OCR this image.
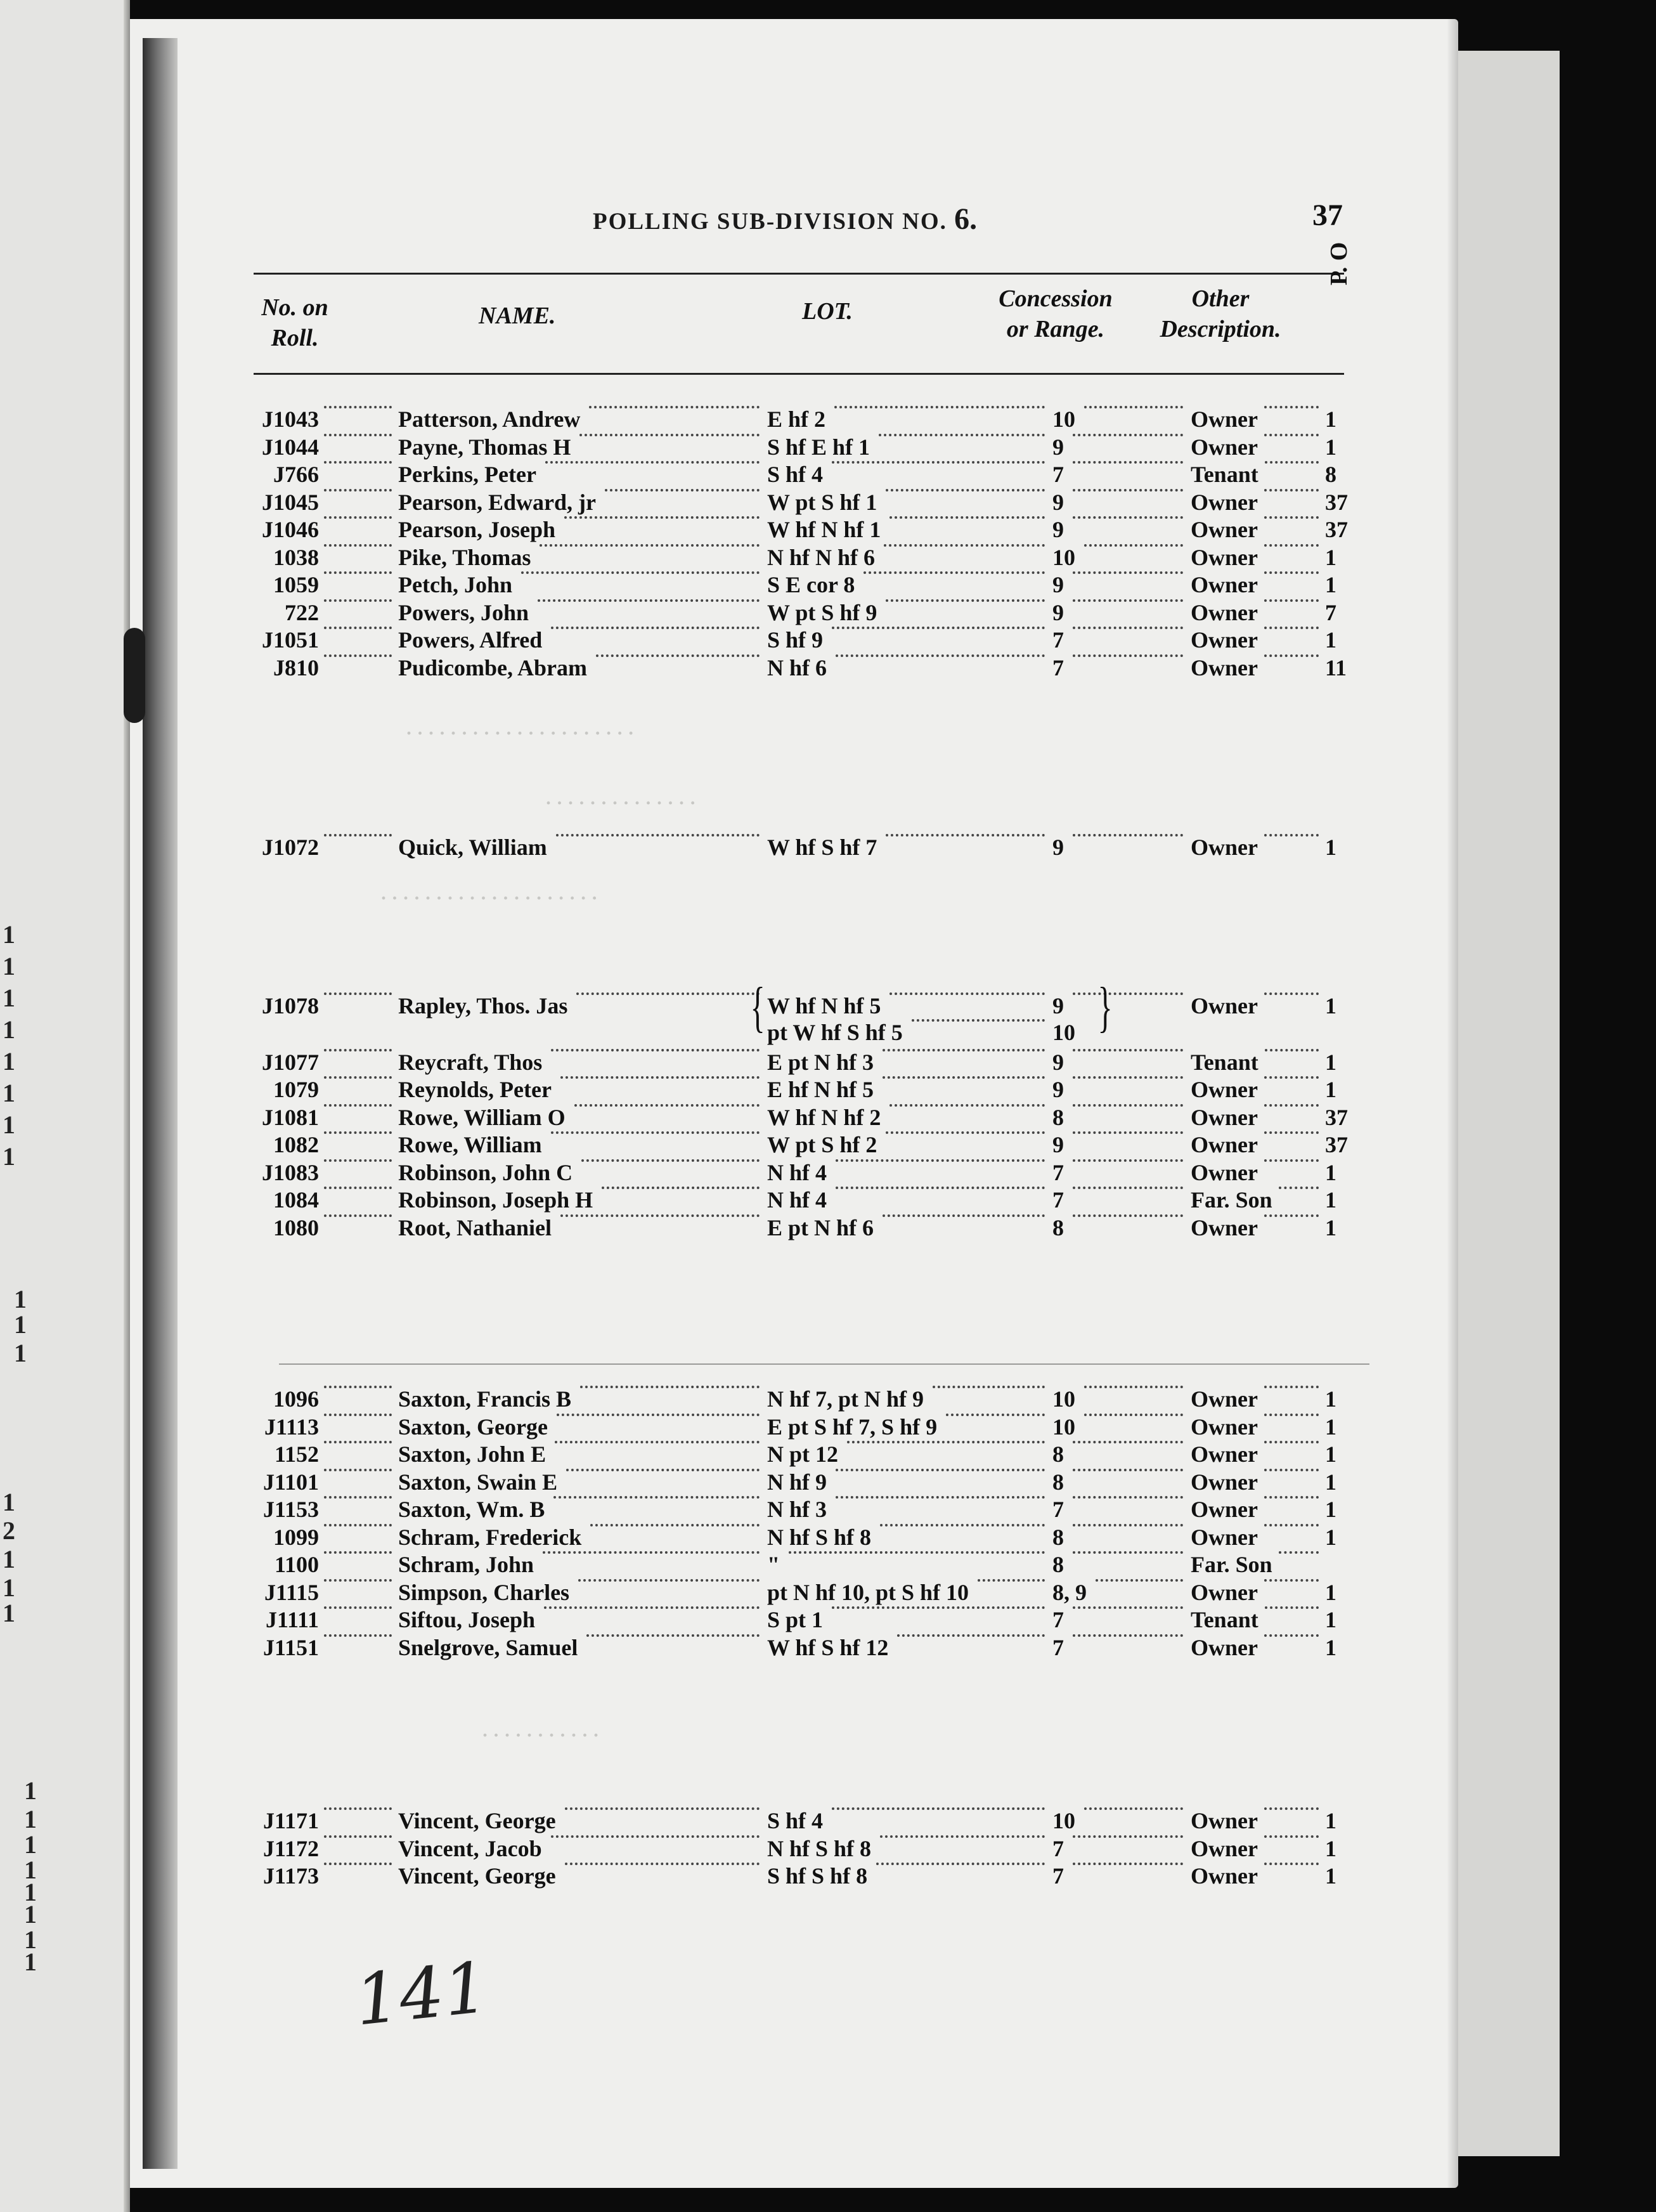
· · · · · · · · · · · · · · · · · · · · ·
· · · · · · · · · · · · · ·
· · · · · · · · · · · · · · · · · · · ·
· · · · · · · · · · ·
POLLING SUB-DIVISION NO. 6.	37
No. on
Roll.
NAME.	LOT.	Concession
or Range.
Other
Description.
P. O
J1043	Patterson, Andrew	E hf 2	10	Owner	1
J1044	Payne, Thomas H	S hf E hf 1	9	Owner	1
J766	Perkins, Peter	S hf 4	7	Tenant	8
J1045	Pearson, Edward, jr	W pt S hf 1	9	Owner	37
J1046	Pearson, Joseph	W hf N hf 1	9	Owner	37
1038	Pike, Thomas	N hf N hf 6	10	Owner	1
1059	Petch, John	S E cor 8	9	Owner	1
722	Powers, John	W pt S hf 9	9	Owner	7
J1051	Powers, Alfred	S hf 9	7	Owner	1
J810	Pudicombe, Abram	N hf 6	7	Owner	11
J1072	Quick, William	W hf S hf 7	9	Owner	1
J1078	Rapley, Thos. Jas	W hf N hf 5	9	Owner	1
pt W hf S hf 5	10
{	}
J1077	Reycraft, Thos	E pt N hf 3	9	Tenant	1
1079	Reynolds, Peter	E hf N hf 5	9	Owner	1
J1081	Rowe, William O	W hf N hf 2	8	Owner	37
1082	Rowe, William	W pt S hf 2	9	Owner	37
J1083	Robinson, John C	N hf 4	7	Owner	1
1084	Robinson, Joseph H	N hf 4	7	Far. Son 1
1080	Root, Nathaniel	E pt N hf 6	8	Owner	1
1096	Saxton, Francis B	N hf 7, pt N hf 9	10	Owner	1
J1113	Saxton, George	E pt S hf 7, S hf 9	10	Owner	1
1152	Saxton, John E	N pt 12	8	Owner	1
J1101	Saxton, Swain E	N hf 9	8	Owner	1
J1153	Saxton, Wm. B	N hf 3	7	Owner	1
1099	Schram, Frederick	N hf S hf 8	8	Owner	1
1100	Schram, John	"	8	Far. Son
J1115	Simpson, Charles	pt N hf 10, pt S hf 10	8, 9	Owner	1
J1111	Siftou, Joseph	S pt 1	7	Tenant	1
J1151	Snelgrove, Samuel	W hf S hf 12	7	Owner	1
J1171	Vincent, George	S hf 4	10	Owner	1
J1172	Vincent, Jacob	N hf S hf 8	7	Owner	1
J1173	Vincent, George	S hf S hf 8	7	Owner	1
1
1
1
1
1
1
1
1
1
1
1
1
2
1
1
1
1
1
1
1
1
1
1
1	141
